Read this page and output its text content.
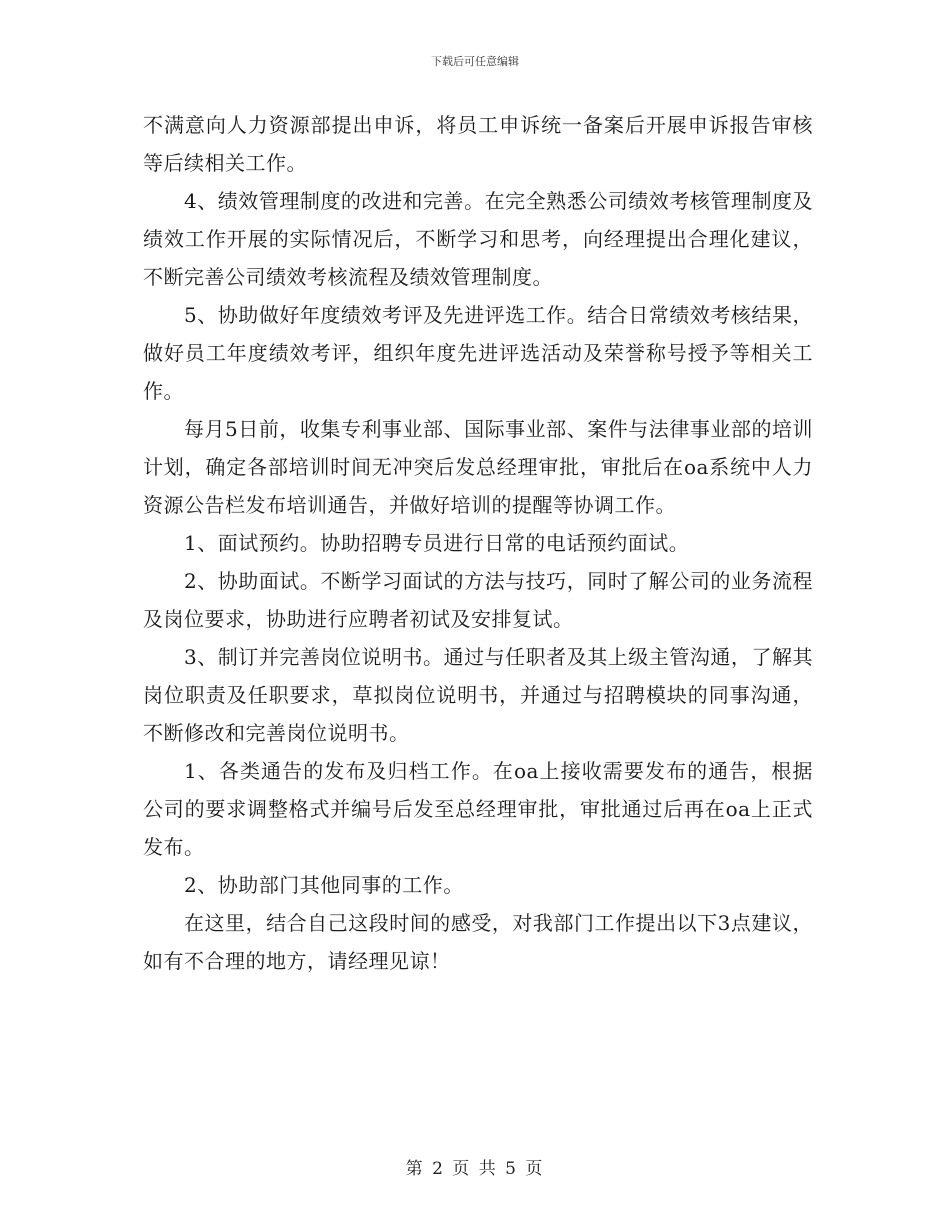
下载后可任意编辑

不满意向人力资源部提出申诉，将员工申诉统一备案后开展申诉报告审核等后续相关工作。

4、绩效管理制度的改进和完善。在完全熟悉公司绩效考核管理制度及绩效工作开展的实际情况后，不断学习和思考，向经理提出合理化建议，不断完善公司绩效考核流程及绩效管理制度。

5、协助做好年度绩效考评及先进评选工作。结合日常绩效考核结果，做好员工年度绩效考评，组织年度先进评选活动及荣誉称号授予等相关工作。

每月5日前，收集专利事业部、国际事业部、案件与法律事业部的培训计划，确定各部培训时间无冲突后发总经理审批，审批后在oa系统中人力资源公告栏发布培训通告，并做好培训的提醒等协调工作。

1、面试预约。协助招聘专员进行日常的电话预约面试。

2、协助面试。不断学习面试的方法与技巧，同时了解公司的业务流程及岗位要求，协助进行应聘者初试及安排复试。

3、制订并完善岗位说明书。通过与任职者及其上级主管沟通，了解其岗位职责及任职要求，草拟岗位说明书，并通过与招聘模块的同事沟通，不断修改和完善岗位说明书。

1、各类通告的发布及归档工作。在oa上接收需要发布的通告，根据公司的要求调整格式并编号后发至总经理审批，审批通过后再在oa上正式发布。

2、协助部门其他同事的工作。

在这里，结合自己这段时间的感受，对我部门工作提出以下3点建议，如有不合理的地方，请经理见谅！

第 2 页 共 5 页
